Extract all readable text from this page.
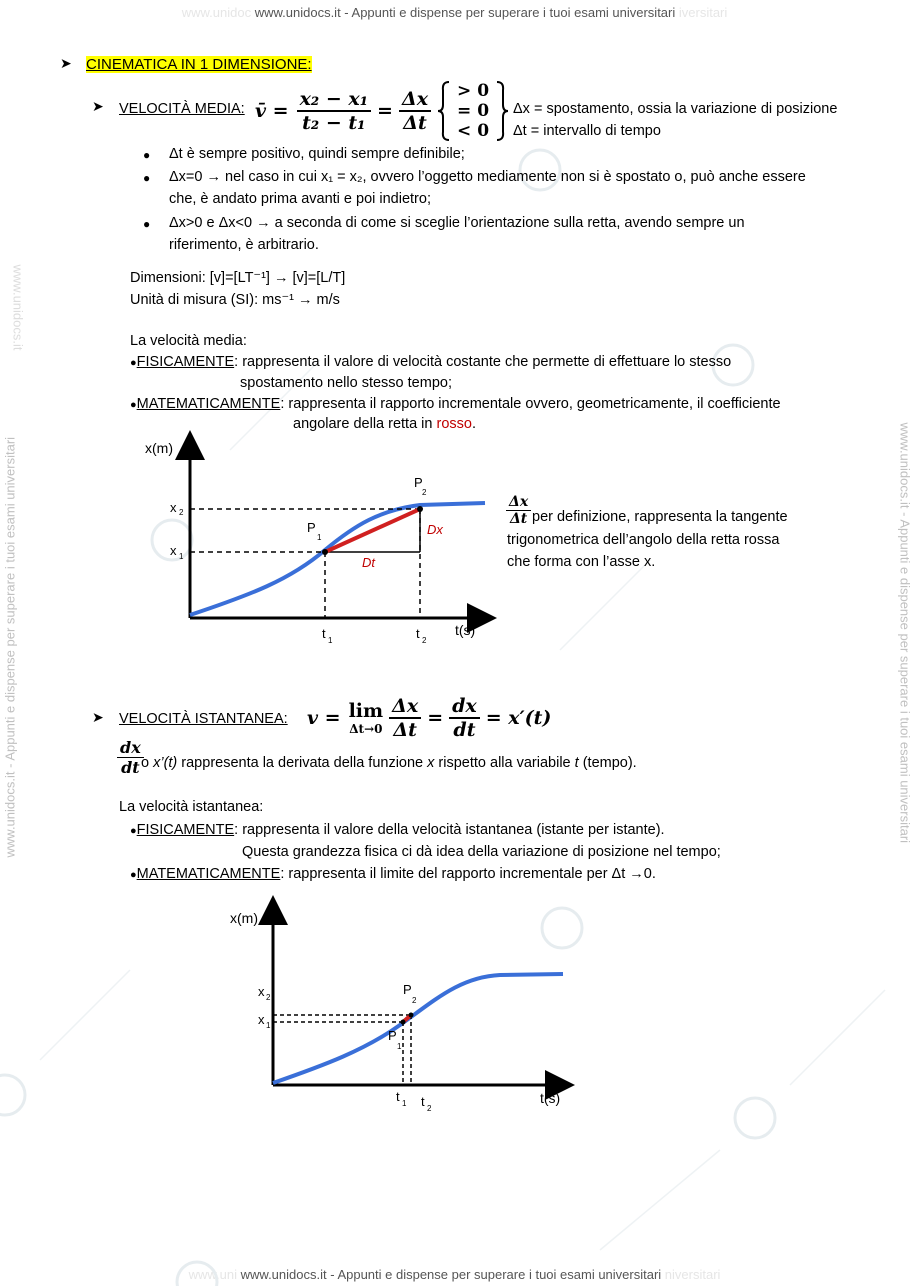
www.unidoc www.unidocs.it - Appunti e dispense per superare i tuoi esami universitari iversitari
www.uni www.unidocs.it - Appunti e dispense per superare i tuoi esami universitari niversitari
www.unidocs.it - Appunti e dispense per superare i tuoi esami universitari
www.unidocs.it
www.unidocs.it - Appunti e dispense per superare i tuoi esami universitari
➤ CINEMATICA IN 1 DIMENSIONE:
➤ VELOCITÀ MEDIA: v̄ = $\frac{\text{x₂ − x₁}}{\text{t₂ − t₁}} = \frac{\Delta x}{\Delta t} > 0$
= 0
< 0
Δx = spostamento, ossia la variazione di posizione
Δt = intervallo di tempo
● Δt è sempre positivo, quindi sempre definibile;
● Δx=0 → nel caso in cui x₁ = x₂, ovvero l’oggetto mediamente non si è spostato o, può anche essere
che, è andato prima avanti e poi indietro;
● Δx>0 e Δx<0 → a seconda di come si sceglie l’orientazione sulla retta, avendo sempre un
riferimento, è arbitrario.
Dimensioni: [v]=[LT⁻¹] → [v]=[L/T]
Unità di misura (SI): ms⁻¹ → m/s
La velocità media:
●FISICAMENTE: rappresenta il valore di velocità costante che permette di effettuare lo stesso
spostamento nello stesso tempo;
●MATEMATICAMENTE: rappresenta il rapporto incrementale ovvero, geometricamente, il coefficiente
angolare della retta in rosso.
x(m)
t(s)
x 2
x 1
t 1	t 2
P
1
P
2
Dx
Dt
$\frac{\Delta x}{\Delta t}$ per definizione, rappresenta la tangente
trigonometrica dell’angolo della retta rossa
che forma con l’asse x.
➤ VELOCITÀ ISTANTANEA: v = lim
$\Delta t\to 0 \frac{\Delta x}{\Delta t} = \frac{dx}{dt} = x'(t)$
$\frac{dx}{dt}$
o x’(t) rappresenta la derivata della funzione x rispetto alla variabile t (tempo).
La velocità istantanea:
●FISICAMENTE: rappresenta il valore della velocità istantanea (istante per istante).
Questa grandezza fisica ci dà idea della variazione di posizione nel tempo;
●MATEMATICAMENTE: rappresenta il limite del rapporto incrementale per Δt →0.
x(m)
t(s)
x 2
x 1
t 1 t 2
P
1
P
2
